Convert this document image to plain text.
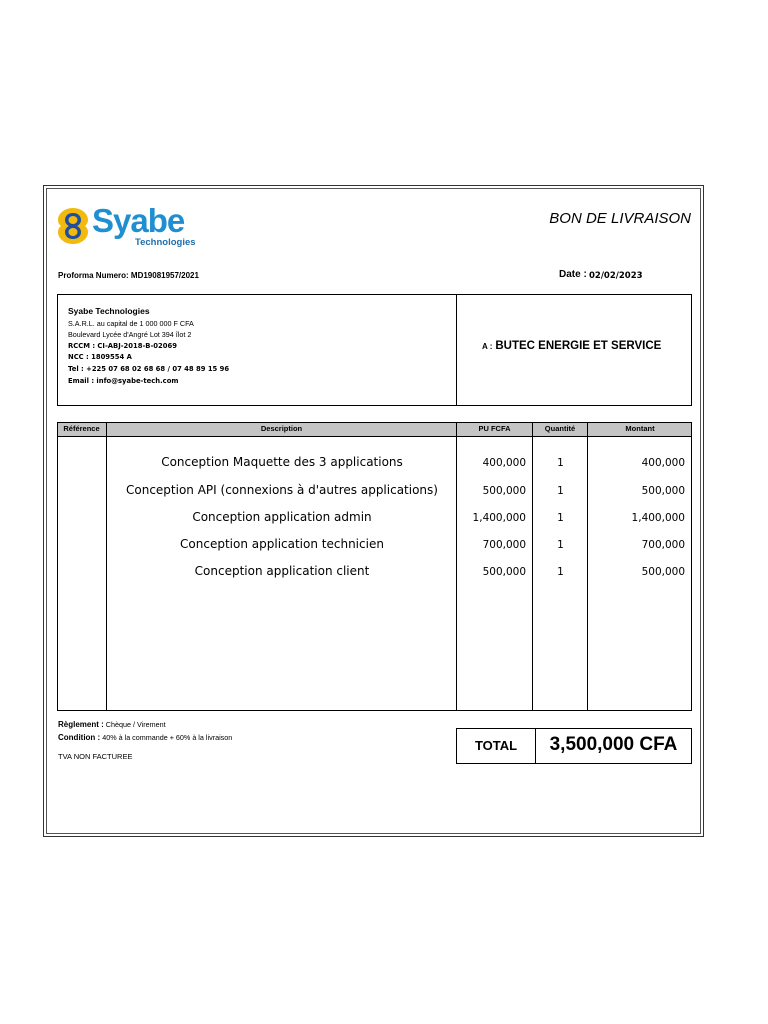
Syabe
Technologies
BON DE LIVRAISON
Proforma Numero: MD19081957/2021	Date : 02/02/2023
Syabe Technologies
S.A.R.L. au capital de 1 000 000 F CFA
Boulevard Lycée d'Angré Lot 394 îlot 2
RCCM : CI-ABJ-2018-B-02069
NCC : 1809554 A
Tel : +225 07 68 02 68 68 / 07 48 89 15 96
Email : info@syabe-tech.com
A : BUTEC ENERGIE ET SERVICE
Référence	Description	PU FCFA	Quantité	Montant
Conception Maquette des 3 applications	400,000	1	400,000
Conception API (connexions à d'autres applications)	500,000	1	500,000
Conception application admin	1,400,000	1	1,400,000
Conception application technicien	700,000	1	700,000
Conception application client	500,000	1	500,000
Règlement : Chèque / Virement
Condition : 40% à la commande + 60% à la livraison
TVA NON FACTUREE
TOTAL	3,500,000 CFA
